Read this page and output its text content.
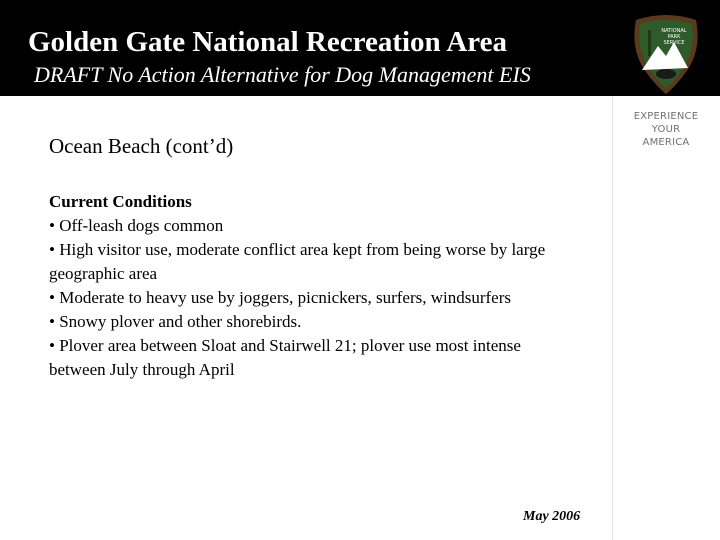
Golden Gate National Recreation Area
DRAFT No Action Alternative for Dog Management EIS
NATIONAL
PARK
SERVICE
EXPERIENCE
YOUR
AMERICA
Ocean Beach (cont’d)
Current Conditions
• Off-leash dogs common
• High visitor use, moderate conflict area kept from being worse by large geographic area
• Moderate to heavy use by joggers, picnickers, surfers, windsurfers
• Snowy plover and other shorebirds.
• Plover area between Sloat and Stairwell 21; plover use most intense between July through April
May 2006
